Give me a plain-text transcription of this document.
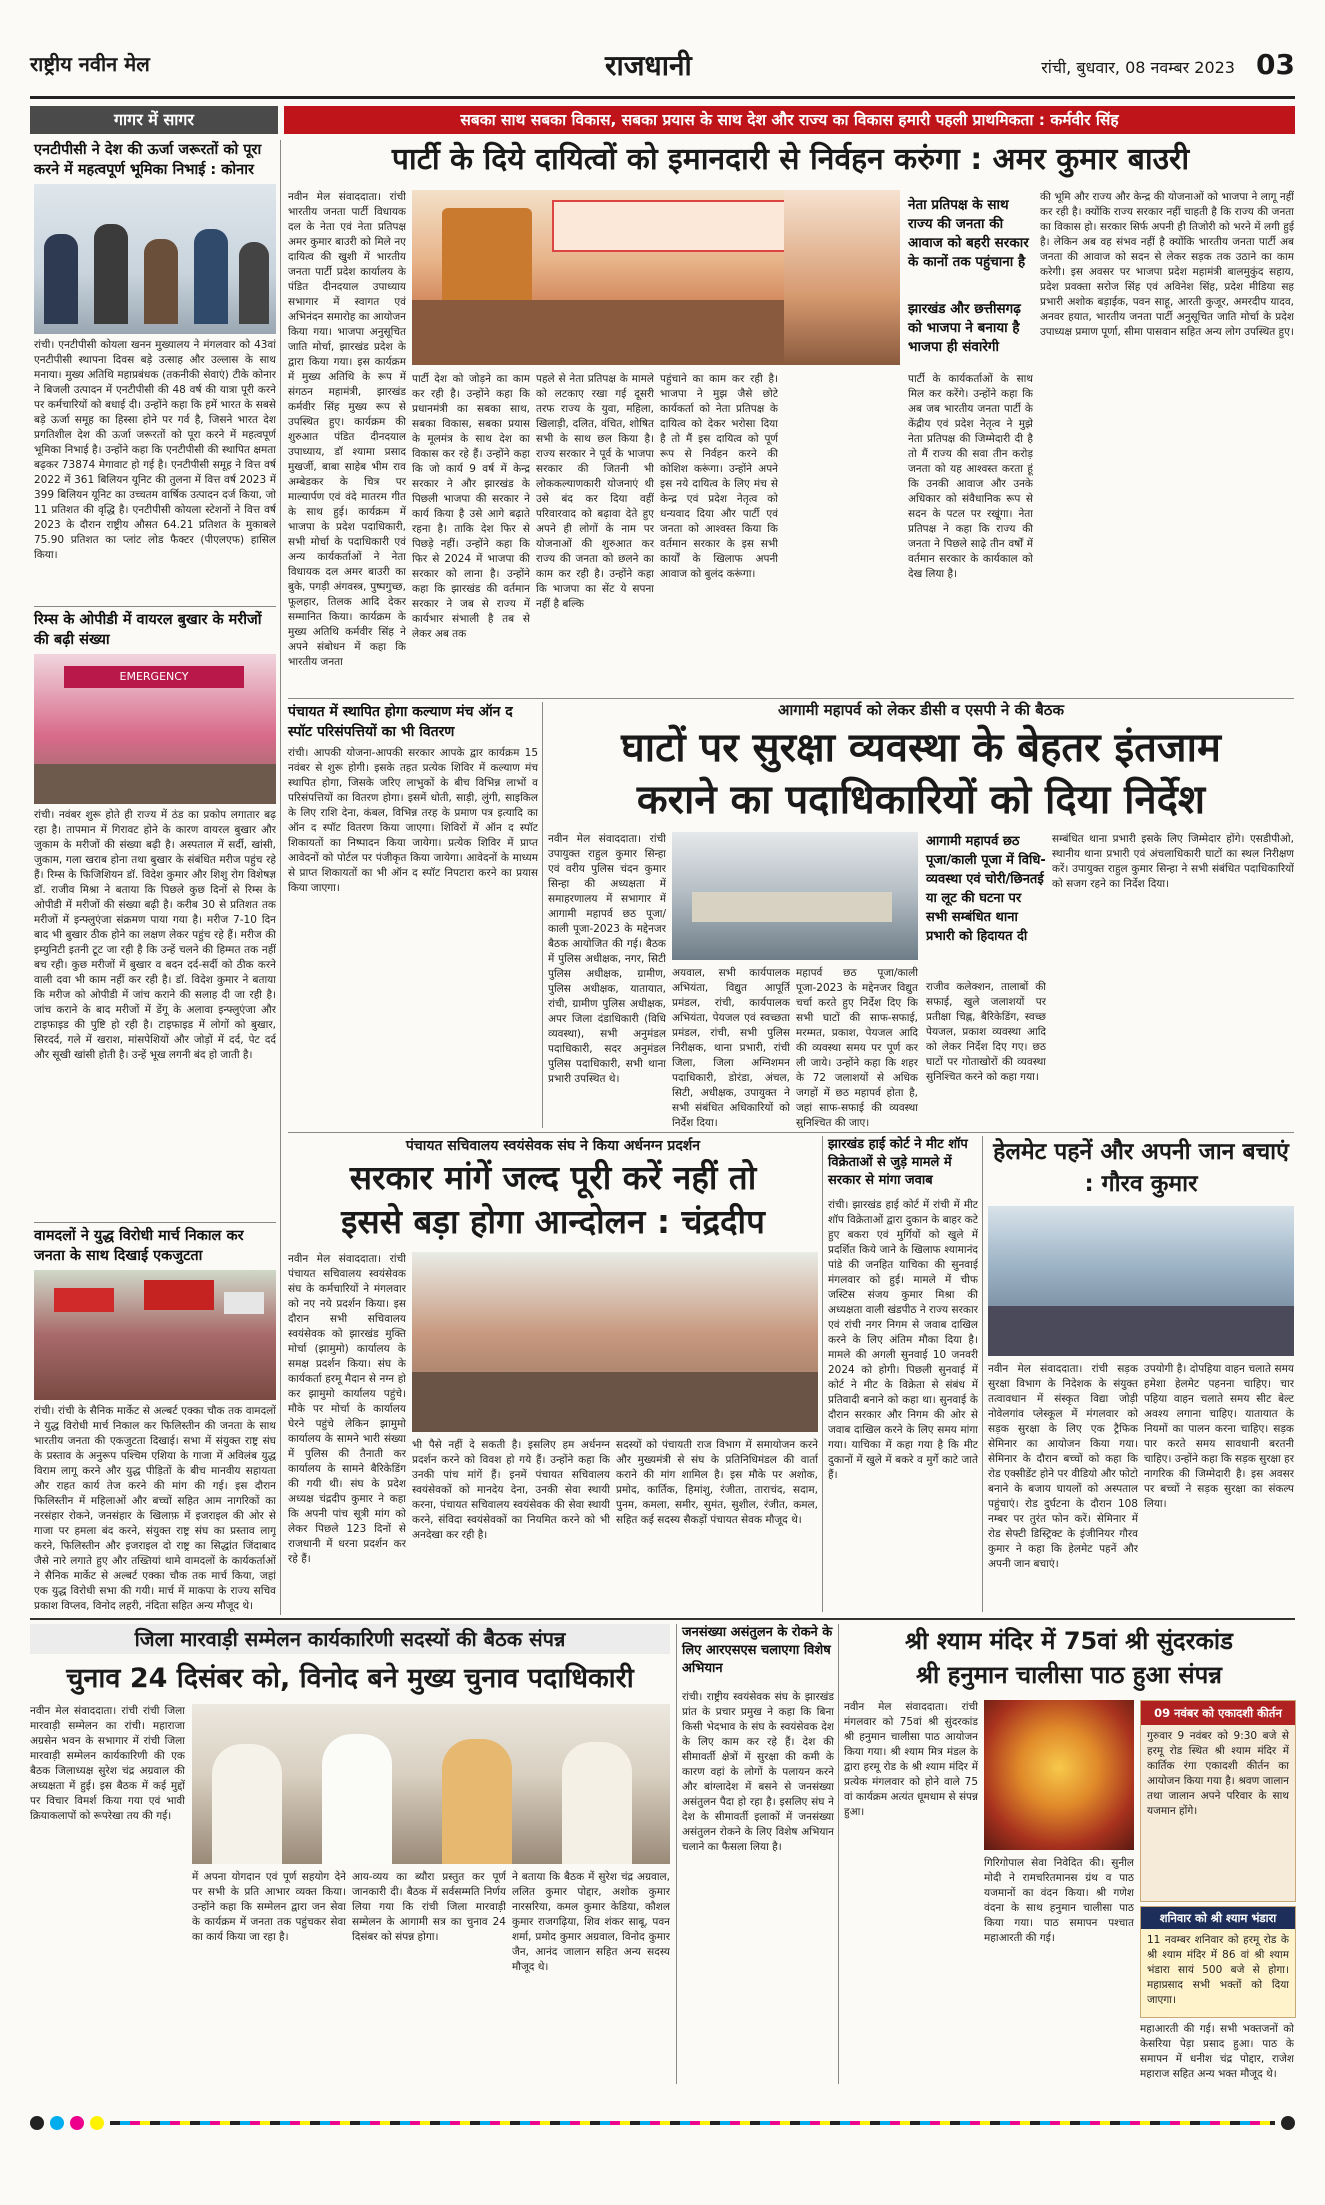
राष्ट्रीय नवीन मेल	राजधानी	रांची, बुधवार, 08 नवम्बर 2023 03
गागर में सागर	सबका साथ सबका विकास, सबका प्रयास के साथ देश और राज्य का विकास हमारी पहली प्राथमिकता : कर्मवीर सिंह
एनटीपीसी ने देश की ऊर्जा जरूरतों को पूरा करने में महत्वपूर्ण भूमिका निभाई : कोनार
रांची। एनटीपीसी कोयला खनन मुख्यालय ने मंगलवार को 43वां एनटीपीसी स्थापना दिवस बड़े उत्साह और उल्लास के साथ मनाया। मुख्य अतिथि महाप्रबंधक (तकनीकी सेवाएं) टीके कोनार ने बिजली उत्पादन में एनटीपीसी की 48 वर्ष की यात्रा पूरी करने पर कर्मचारियों को बधाई दी। उन्होंने कहा कि हमें भारत के सबसे बड़े ऊर्जा समूह का हिस्सा होने पर गर्व है, जिसने भारत देश प्रगतिशील देश की ऊर्जा जरूरतों को पूरा करने में महत्वपूर्ण भूमिका निभाई है। उन्होंने कहा कि एनटीपीसी की स्थापित क्षमता बढ़कर 73874 मेगावाट हो गई है। एनटीपीसी समूह ने वित्त वर्ष 2022 में 361 बिलियन यूनिट की तुलना में वित्त वर्ष 2023 में 399 बिलियन यूनिट का उच्चतम वार्षिक उत्पादन दर्ज किया, जो 11 प्रतिशत की वृद्धि है। एनटीपीसी कोयला स्टेशनों ने वित्त वर्ष 2023 के दौरान राष्ट्रीय औसत 64.21 प्रतिशत के मुकाबले 75.90 प्रतिशत का प्लांट लोड फैक्टर (पीएलएफ) हासिल किया।
रिम्स के ओपीडी में वायरल बुखार के मरीजों की बढ़ी संख्या
EMERGENCY
रांची। नवंबर शुरू होते ही राज्य में ठंड का प्रकोप लगातार बढ़ रहा है। तापमान में गिरावट होने के कारण वायरल बुखार और जुकाम के मरीजों की संख्या बढ़ी है। अस्पताल में सर्दी, खांसी, जुकाम, गला खराब होना तथा बुखार के संबंधित मरीज पहुंच रहे हैं। रिम्स के फिजिशियन डॉ. विदेश कुमार और शिशु रोग विशेषज्ञ डॉ. राजीव मिश्रा ने बताया कि पिछले कुछ दिनों से रिम्स के ओपीडी में मरीजों की संख्या बढ़ी है। करीब 30 से प्रतिशत तक मरीजों में इन्फ्लुएंजा संक्रमण पाया गया है। मरीज 7-10 दिन बाद भी बुखार ठीक होने का लक्षण लेकर पहुंच रहे हैं। मरीज की इम्युनिटी इतनी टूट जा रही है कि उन्हें चलने की हिम्मत तक नहीं बच रही। कुछ मरीजों में बुखार व बदन दर्द-सर्दी को ठीक करने वाली दवा भी काम नहीं कर रही है। डॉ. विदेश कुमार ने बताया कि मरीज को ओपीडी में जांच कराने की सलाह दी जा रही है। जांच कराने के बाद मरीजों में डेंगू के अलावा इन्फ्लुएंजा और टाइफाइड की पुष्टि हो रही है। टाइफाइड में लोगों को बुखार, सिरदर्द, गले में खराश, मांसपेशियों और जोड़ों में दर्द, पेट दर्द और सूखी खांसी होती है। उन्हें भूख लगनी बंद हो जाती है।
वामदलों ने युद्ध विरोधी मार्च निकाल कर जनता के साथ दिखाई एकजुटता
रांची। रांची के सैनिक मार्केट से अल्बर्ट एक्का चौक तक वामदलों ने युद्ध विरोधी मार्च निकाल कर फिलिस्तीन की जनता के साथ भारतीय जनता की एकजुटता दिखाई। सभा में संयुक्त राष्ट्र संघ के प्रस्ताव के अनुरूप पश्चिम एशिया के गाजा में अविलंब युद्ध विराम लागू करने और युद्ध पीड़ितों के बीच मानवीय सहायता और राहत कार्य तेज करने की मांग की गई। इस दौरान फिलिस्तीन में महिलाओं और बच्चों सहित आम नागरिकों का नरसंहार रोकने, जनसंहार के खिलाफ़ में इजराइल की ओर से गाजा पर हमला बंद करने, संयुक्त राष्ट्र संघ का प्रस्ताव लागू करने, फिलिस्तीन और इजराइल दो राष्ट्र का सिद्धांत जिंदाबाद जैसे नारे लगाते हुए और तख्तियां थामे वामदलों के कार्यकर्ताओं ने सैनिक मार्केट से अल्बर्ट एक्का चौक तक मार्च किया, जहां एक युद्ध विरोधी सभा की गयी। मार्च में माकपा के राज्य सचिव प्रकाश विप्लव, विनोद लहरी, नंदिता सहित अन्य मौजूद थे।
पार्टी के दिये दायित्वों को इमानदारी से निर्वहन करुंगा : अमर कुमार बाउरी
नवीन मेल संवाददाता। रांची भारतीय जनता पार्टी विधायक दल के नेता एवं नेता प्रतिपक्ष अमर कुमार बाउरी को मिले नए दायित्व की खुशी में भारतीय जनता पार्टी प्रदेश कार्यालय के पंडित दीनदयाल उपाध्याय सभागार में स्वागत एवं अभिनंदन समारोह का आयोजन किया गया। भाजपा अनुसूचित जाति मोर्चा, झारखंड प्रदेश के द्वारा किया गया। इस कार्यक्रम में मुख्य अतिथि के रूप में संगठन महामंत्री, झारखंड कर्मवीर सिंह मुख्य रूप से उपस्थित हुए। कार्यक्रम की शुरुआत पंडित दीनदयाल उपाध्याय, डॉ श्यामा प्रसाद मुखर्जी, बाबा साहेब भीम राव अम्बेडकर के चित्र पर माल्यार्पण एवं वंदे मातरम गीत के साथ हुई। कार्यक्रम में भाजपा के प्रदेश पदाधिकारी, सभी मोर्चा के पदाधिकारी एवं अन्य कार्यकर्ताओं ने नेता विधायक दल अमर बाउरी का बुके, पगड़ी अंगवस्त्र, पुष्पगुच्छ, फूलहार, तिलक आदि देकर सम्मानित किया। कार्यक्रम के मुख्य अतिथि कर्मवीर सिंह ने अपने संबोधन में कहा कि भारतीय जनता
पार्टी देश को जोड़ने का काम कर रही है। उन्होंने कहा कि प्रधानमंत्री का सबका साथ, सबका विकास, सबका प्रयास के मूलमंत्र के साथ देश का विकास कर रहे हैं। उन्होंने कहा कि जो कार्य 9 वर्ष में केन्द्र सरकार ने और झारखंड के पिछली भाजपा की सरकार ने कार्य किया है उसे आगे बढ़ाते रहना है। ताकि देश फिर से पिछड़े नहीं। उन्होंने कहा कि फिर से 2024 में भाजपा की सरकार को लाना है। उन्होंने कहा कि झारखंड की वर्तमान सरकार ने जब से राज्य में कार्यभार संभाली है तब से लेकर अब तक
पहले से नेता प्रतिपक्ष के मामले को लटकाए रखा गई दूसरी तरफ राज्य के युवा, महिला, खिलाड़ी, दलित, वंचित, शोषित सभी के साथ छल किया है। राज्य सरकार ने पूर्व के भाजपा सरकार की जितनी भी लोककल्याणकारी योजनाएं थी उसे बंद कर दिया वहीं परिवारवाद को बढ़ावा देते हुए अपने ही लोगों के नाम पर योजनाओं की शुरुआत कर राज्य की जनता को छलने का काम कर रही है। उन्होंने कहा कि भाजपा का सेंट ये सपना नहीं है बल्कि
पहुंचाने का काम कर रही है। भाजपा ने मुझ जैसे छोटे कार्यकर्ता को नेता प्रतिपक्ष के दायित्व को देकर भरोसा दिया है तो मैं इस दायित्व को पूर्ण रूप से निर्वहन करने की कोशिश करूंगा। उन्होंने अपने इस नये दायित्व के लिए मंच से केन्द्र एवं प्रदेश नेतृत्व को धन्यवाद दिया और पार्टी एवं जनता को आश्वस्त किया कि वर्तमान सरकार के इस सभी कार्यों के खिलाफ अपनी आवाज को बुलंद करूंगा।
नेता प्रतिपक्ष के साथ राज्य की जनता की आवाज को बहरी सरकार के कानों तक पहुंचाना है
झारखंड और छत्तीसगढ़ को भाजपा ने बनाया है भाजपा ही संवारेगी
पार्टी के कार्यकर्ताओं के साथ मिल कर करेंगे। उन्होंने कहा कि अब जब भारतीय जनता पार्टी के केंद्रीय एवं प्रदेश नेतृत्व ने मुझे नेता प्रतिपक्ष की जिम्मेदारी दी है तो मैं राज्य की सवा तीन करोड़ जनता को यह आश्वस्त करता हूं कि उनकी आवाज और उनके अधिकार को संवैधानिक रूप से सदन के पटल पर रखूंगा। नेता प्रतिपक्ष ने कहा कि राज्य की जनता ने पिछले साढ़े तीन वर्षों में वर्तमान सरकार के कार्यकाल को देख लिया है।
की भूमि और राज्य और केन्द्र की योजनाओं को भाजपा ने लागू नहीं कर रही है। क्योंकि राज्य सरकार नहीं चाहती है कि राज्य की जनता का विकास हो। सरकार सिर्फ अपनी ही तिजोरी को भरने में लगी हुई है। लेकिन अब वह संभव नहीं है क्योंकि भारतीय जनता पार्टी अब जनता की आवाज को सदन से लेकर सड़क तक उठाने का काम करेगी। इस अवसर पर भाजपा प्रदेश महामंत्री बालमुकुंद सहाय, प्रदेश प्रवक्ता सरोज सिंह एवं अविनेश सिंह, प्रदेश मीडिया सह प्रभारी अशोक बड़ाईक, पवन साहू, आरती कुजूर, अमरदीप यादव, अनवर हयात, भारतीय जनता पार्टी अनुसूचित जाति मोर्चा के प्रदेश उपाध्यक्ष प्रमाण पूर्णा, सीमा पासवान सहित अन्य लोग उपस्थित हुए।
पंचायत में स्थापित होगा कल्याण मंच ऑन द स्पॉट परिसंपत्तियों का भी वितरण
रांची। आपकी योजना-आपकी सरकार आपके द्वार कार्यक्रम 15 नवंबर से शुरू होगी। इसके तहत प्रत्येक शिविर में कल्याण मंच स्थापित होगा, जिसके जरिए लाभुकों के बीच विभिन्न लाभों व परिसंपत्तियों का वितरण होगा। इसमें धोती, साड़ी, लुंगी, साइकिल के लिए राशि देना, कंबल, विभिन्न तरह के प्रमाण पत्र इत्यादि का ऑन द स्पॉट वितरण किया जाएगा। शिविरों में ऑन द स्पॉट शिकायतों का निष्पादन किया जायेगा। प्रत्येक शिविर में प्राप्त आवेदनों को पोर्टल पर पंजीकृत किया जायेगा। आवेदनों के माध्यम से प्राप्त शिकायतों का भी ऑन द स्पॉट निपटारा करने का प्रयास किया जाएगा।
आगामी महापर्व को लेकर डीसी व एसपी ने की बैठक
घाटों पर सुरक्षा व्यवस्था के बेहतर इंतजाम
कराने का पदाधिकारियों को दिया निर्देश
नवीन मेल संवाददाता। रांची उपायुक्त राहुल कुमार सिन्हा एवं वरीय पुलिस चंदन कुमार सिन्हा की अध्यक्षता में समाहरणालय में सभागार में आगामी महापर्व छठ पूजा/काली पूजा-2023 के मद्देनजर बैठक आयोजित की गई। बैठक में पुलिस अधीक्षक, नगर, सिटी पुलिस अधीक्षक, ग्रामीण, पुलिस अधीक्षक, यातायात, रांची, ग्रामीण पुलिस अधीक्षक, अपर जिला दंडाधिकारी (विधि व्यवस्था), सभी अनुमंडल पदाधिकारी, सदर अनुमंडल पुलिस पदाधिकारी, सभी थाना प्रभारी उपस्थित थे।
अयवाल, सभी कार्यपालक अभियंता, विद्युत आपूर्ति प्रमंडल, रांची, कार्यपालक अभियंता, पेयजल एवं स्वच्छता प्रमंडल, रांची, सभी पुलिस निरीक्षक, थाना प्रभारी, रांची जिला, जिला अग्निशमन पदाधिकारी, डोरंडा, अंचल, सिटी, अधीक्षक, उपायुक्त ने सभी संबंधित अधिकारियों को निर्देश दिया।
महापर्व छठ पूजा/काली पूजा-2023 के मद्देनजर विद्युत चर्चा करते हुए निर्देश दिए कि सभी घाटों की साफ-सफाई, मरम्मत, प्रकाश, पेयजल आदि की व्यवस्था समय पर पूर्ण कर ली जाये। उन्होंने कहा कि शहर के 72 जलाशयों से अधिक जगहों में छठ महापर्व होता है, जहां साफ-सफाई की व्यवस्था सुनिश्चित की जाए।
आगामी महापर्व छठ पूजा/काली पूजा में विधि-व्यवस्था एवं चोरी/छिनतई या लूट की घटना पर सभी सम्बंधित थाना प्रभारी को हिदायत दी
राजीव कलेक्शन, तालाबों की सफाई, खुले जलाशयों पर प्रतीक्षा चिह्न, बैरिकेडिंग, स्वच्छ पेयजल, प्रकाश व्यवस्था आदि को लेकर निर्देश दिए गए। छठ घाटों पर गोताखोरों की व्यवस्था सुनिश्चित करने को कहा गया।
सम्बंधित थाना प्रभारी इसके लिए जिम्मेदार होंगे। एसडीपीओ, स्थानीय थाना प्रभारी एवं अंचलाधिकारी घाटों का स्थल निरीक्षण करें। उपायुक्त राहुल कुमार सिन्हा ने सभी संबंधित पदाधिकारियों को सजग रहने का निर्देश दिया।
पंचायत सचिवालय स्वयंसेवक संघ ने किया अर्धनग्न प्रदर्शन
सरकार मांगें जल्द पूरी करें नहीं तो
इससे बड़ा होगा आन्दोलन : चंद्रदीप
नवीन मेल संवाददाता। रांची पंचायत सचिवालय स्वयंसेवक संघ के कर्मचारियों ने मंगलवार को नए नये प्रदर्शन किया। इस दौरान सभी सचिवालय स्वयंसेवक को झारखंड मुक्ति मोर्चा (झामुमो) कार्यालय के समक्ष प्रदर्शन किया। संघ के कार्यकर्ता हरमू मैदान से नग्न हो कर झामुमो कार्यालय पहुंचे। मौके पर मोर्चा के कार्यालय घेरने पहुंचे लेकिन झामुमो कार्यालय के सामने भारी संख्या में पुलिस की तैनाती कर कार्यालय के सामने बैरिकेडिंग की गयी थी। संघ के प्रदेश अध्यक्ष चंद्रदीप कुमार ने कहा कि अपनी पांच सूत्री मांग को लेकर पिछले 123 दिनों से राजधानी में धरना प्रदर्शन कर रहे हैं।
भी पैसे नहीं दे सकती है। इसलिए हम अर्धनग्न प्रदर्शन करने को विवश हो गये हैं। उन्होंने कहा कि उनकी पांच मांगें हैं। इनमें पंचायत सचिवालय स्वयंसेवकों को मानदेय देना, उनकी सेवा स्थायी करना, पंचायत सचिवालय स्वयंसेवक की सेवा स्थायी करने, संविदा स्वयंसेवकों का नियमित करने को भी अनदेखा कर रही है।
सदस्यों को पंचायती राज विभाग में समायोजन करने और मुख्यमंत्री से संघ के प्रतिनिधिमंडल की वार्ता कराने की मांग शामिल है। इस मौके पर अशोक, प्रमोद, कार्तिक, हिमांशु, रंजीता, ताराचंद, सदाम, पुनम, कमला, समीर, सुमंत, सुशील, रंजीत, कमल, सहित कई सदस्य सैकड़ों पंचायत सेवक मौजूद थे।
झारखंड हाई कोर्ट ने मीट शॉप विक्रेताओं से जुड़े मामले में सरकार से मांगा जवाब
रांची। झारखंड हाई कोर्ट में रांची में मीट शॉप विक्रेताओं द्वारा दुकान के बाहर कटे हुए बकरा एवं मुर्गियों को खुले में प्रदर्शित किये जाने के खिलाफ श्यामानंद पांडे की जनहित याचिका की सुनवाई मंगलवार को हुई। मामले में चीफ जस्टिस संजय कुमार मिश्रा की अध्यक्षता वाली खंडपीठ ने राज्य सरकार एवं रांची नगर निगम से जवाब दाखिल करने के लिए अंतिम मौका दिया है। मामले की अगली सुनवाई 10 जनवरी 2024 को होगी। पिछली सुनवाई में कोर्ट ने मीट के विक्रेता से संबंध में प्रतिवादी बनाने को कहा था। सुनवाई के दौरान सरकार और निगम की ओर से जवाब दाखिल करने के लिए समय मांगा गया। याचिका में कहा गया है कि मीट दुकानों में खुले में बकरे व मुर्गे काटे जाते हैं।
हेलमेट पहनें और अपनी जान बचाएं : गौरव कुमार
नवीन मेल संवाददाता। रांची सड़क सुरक्षा विभाग के निदेशक के संयुक्त तत्वावधान में संस्कृत विद्या जोड़ी नोवेलगांव प्लेस्कूल में मंगलवार को सड़क सुरक्षा के लिए एक ट्रैफिक सेमिनार का आयोजन किया गया। सेमिनार के दौरान बच्चों को कहा कि रोड एक्सीडेंट होने पर वीडियो और फोटो बनाने के बजाय घायलों को अस्पताल पहुंचाएं। रोड दुर्घटना के दौरान 108 नम्बर पर तुरंत फोन करें। सेमिनार में रोड सेफ्टी डिस्ट्रिक्ट के इंजीनियर गौरव कुमार ने कहा कि हेलमेट पहनें और अपनी जान बचाएं।
उपयोगी है। दोपहिया वाहन चलाते समय हमेशा हेलमेट पहनना चाहिए। चार पहिया वाहन चलाते समय सीट बेल्ट अवश्य लगाना चाहिए। यातायात के नियमों का पालन करना चाहिए। सड़क पार करते समय सावधानी बरतनी चाहिए। उन्होंने कहा कि सड़क सुरक्षा हर नागरिक की जिम्मेदारी है। इस अवसर पर बच्चों ने सड़क सुरक्षा का संकल्प लिया।
जिला मारवाड़ी सम्मेलन कार्यकारिणी सदस्यों की बैठक संपन्न
चुनाव 24 दिसंबर को, विनोद बने मुख्य चुनाव पदाधिकारी
नवीन मेल संवाददाता। रांची रांची जिला मारवाड़ी सम्मेलन का रांची। महाराजा अग्रसेन भवन के सभागार में रांची जिला मारवाड़ी सम्मेलन कार्यकारिणी की एक बैठक जिलाध्यक्ष सुरेश चंद्र अग्रवाल की अध्यक्षता में हुई। इस बैठक में कई मुद्दों पर विचार विमर्श किया गया एवं भावी क्रियाकलापों को रूपरेखा तय की गई।
में अपना योगदान एवं पूर्ण सहयोग देने पर सभी के प्रति आभार व्यक्त किया। उन्होंने कहा कि सम्मेलन द्वारा जन सेवा के कार्यक्रम में जनता तक पहुंचकर सेवा का कार्य किया जा रहा है।
आय-व्यय का ब्यौरा प्रस्तुत कर पूर्ण जानकारी दी। बैठक में सर्वसम्मति निर्णय लिया गया कि रांची जिला मारवाड़ी सम्मेलन के आगामी सत्र का चुनाव 24 दिसंबर को संपन्न होगा।
ने बताया कि बैठक में सुरेश चंद्र अग्रवाल, ललित कुमार पोद्दार, अशोक कुमार नारसरिया, कमल कुमार केडिया, कौशल कुमार राजगढ़िया, शिव शंकर साबू, पवन शर्मा, प्रमोद कुमार अग्रवाल, विनोद कुमार जैन, आनंद जालान सहित अन्य सदस्य मौजूद थे।
जनसंख्या असंतुलन के रोकने के लिए आरएसएस चलाएगा विशेष अभियान
रांची। राष्ट्रीय स्वयंसेवक संघ के झारखंड प्रांत के प्रचार प्रमुख ने कहा कि बिना किसी भेदभाव के संघ के स्वयंसेवक देश के लिए काम कर रहे हैं। देश की सीमावर्ती क्षेत्रों में सुरक्षा की कमी के कारण वहां के लोगों के पलायन करने और बांग्लादेश में बसने से जनसंख्या असंतुलन पैदा हो रहा है। इसलिए संघ ने देश के सीमावर्ती इलाकों में जनसंख्या असंतुलन रोकने के लिए विशेष अभियान चलाने का फैसला लिया है।
श्री श्याम मंदिर में 75वां श्री सुंदरकांड
श्री हनुमान चालीसा पाठ हुआ संपन्न
नवीन मेल संवाददाता। रांची मंगलवार को 75वां श्री सुंदरकांड श्री हनुमान चालीसा पाठ आयोजन किया गया। श्री श्याम मित्र मंडल के द्वारा हरमू रोड के श्री श्याम मंदिर में प्रत्येक मंगलवार को होने वाले 75 वां कार्यक्रम अत्यंत धूमधाम से संपन्न हुआ।
गिरिगोपाल सेवा निवेदित की। सुनील मोदी ने रामचरितमानस ग्रंथ व पाठ यजमानों का वंदन किया। श्री गणेश वंदना के साथ हनुमान चालीसा पाठ किया गया। पाठ समापन पश्चात महाआरती की गई।
09 नवंबर को एकादशी कीर्तन
गुरुवार 9 नवंबर को 9:30 बजे से हरमू रोड स्थित श्री श्याम मंदिर में कार्तिक रंगा एकादशी कीर्तन का आयोजन किया गया है। श्रवण जालान तथा जालान अपने परिवार के साथ यजमान होंगे।
शनिवार को श्री श्याम भंडारा
11 नवम्बर शनिवार को हरमू रोड के श्री श्याम मंदिर में 86 वां श्री श्याम भंडारा सायं 500 बजे से होगा। महाप्रसाद सभी भक्तों को दिया जाएगा।
महाआरती की गई। सभी भक्तजनों को केसरिया पेड़ा प्रसाद हुआ। पाठ के समापन में धनीश चंद्र पोद्दार, राजेश महाराज सहित अन्य भक्त मौजूद थे।
